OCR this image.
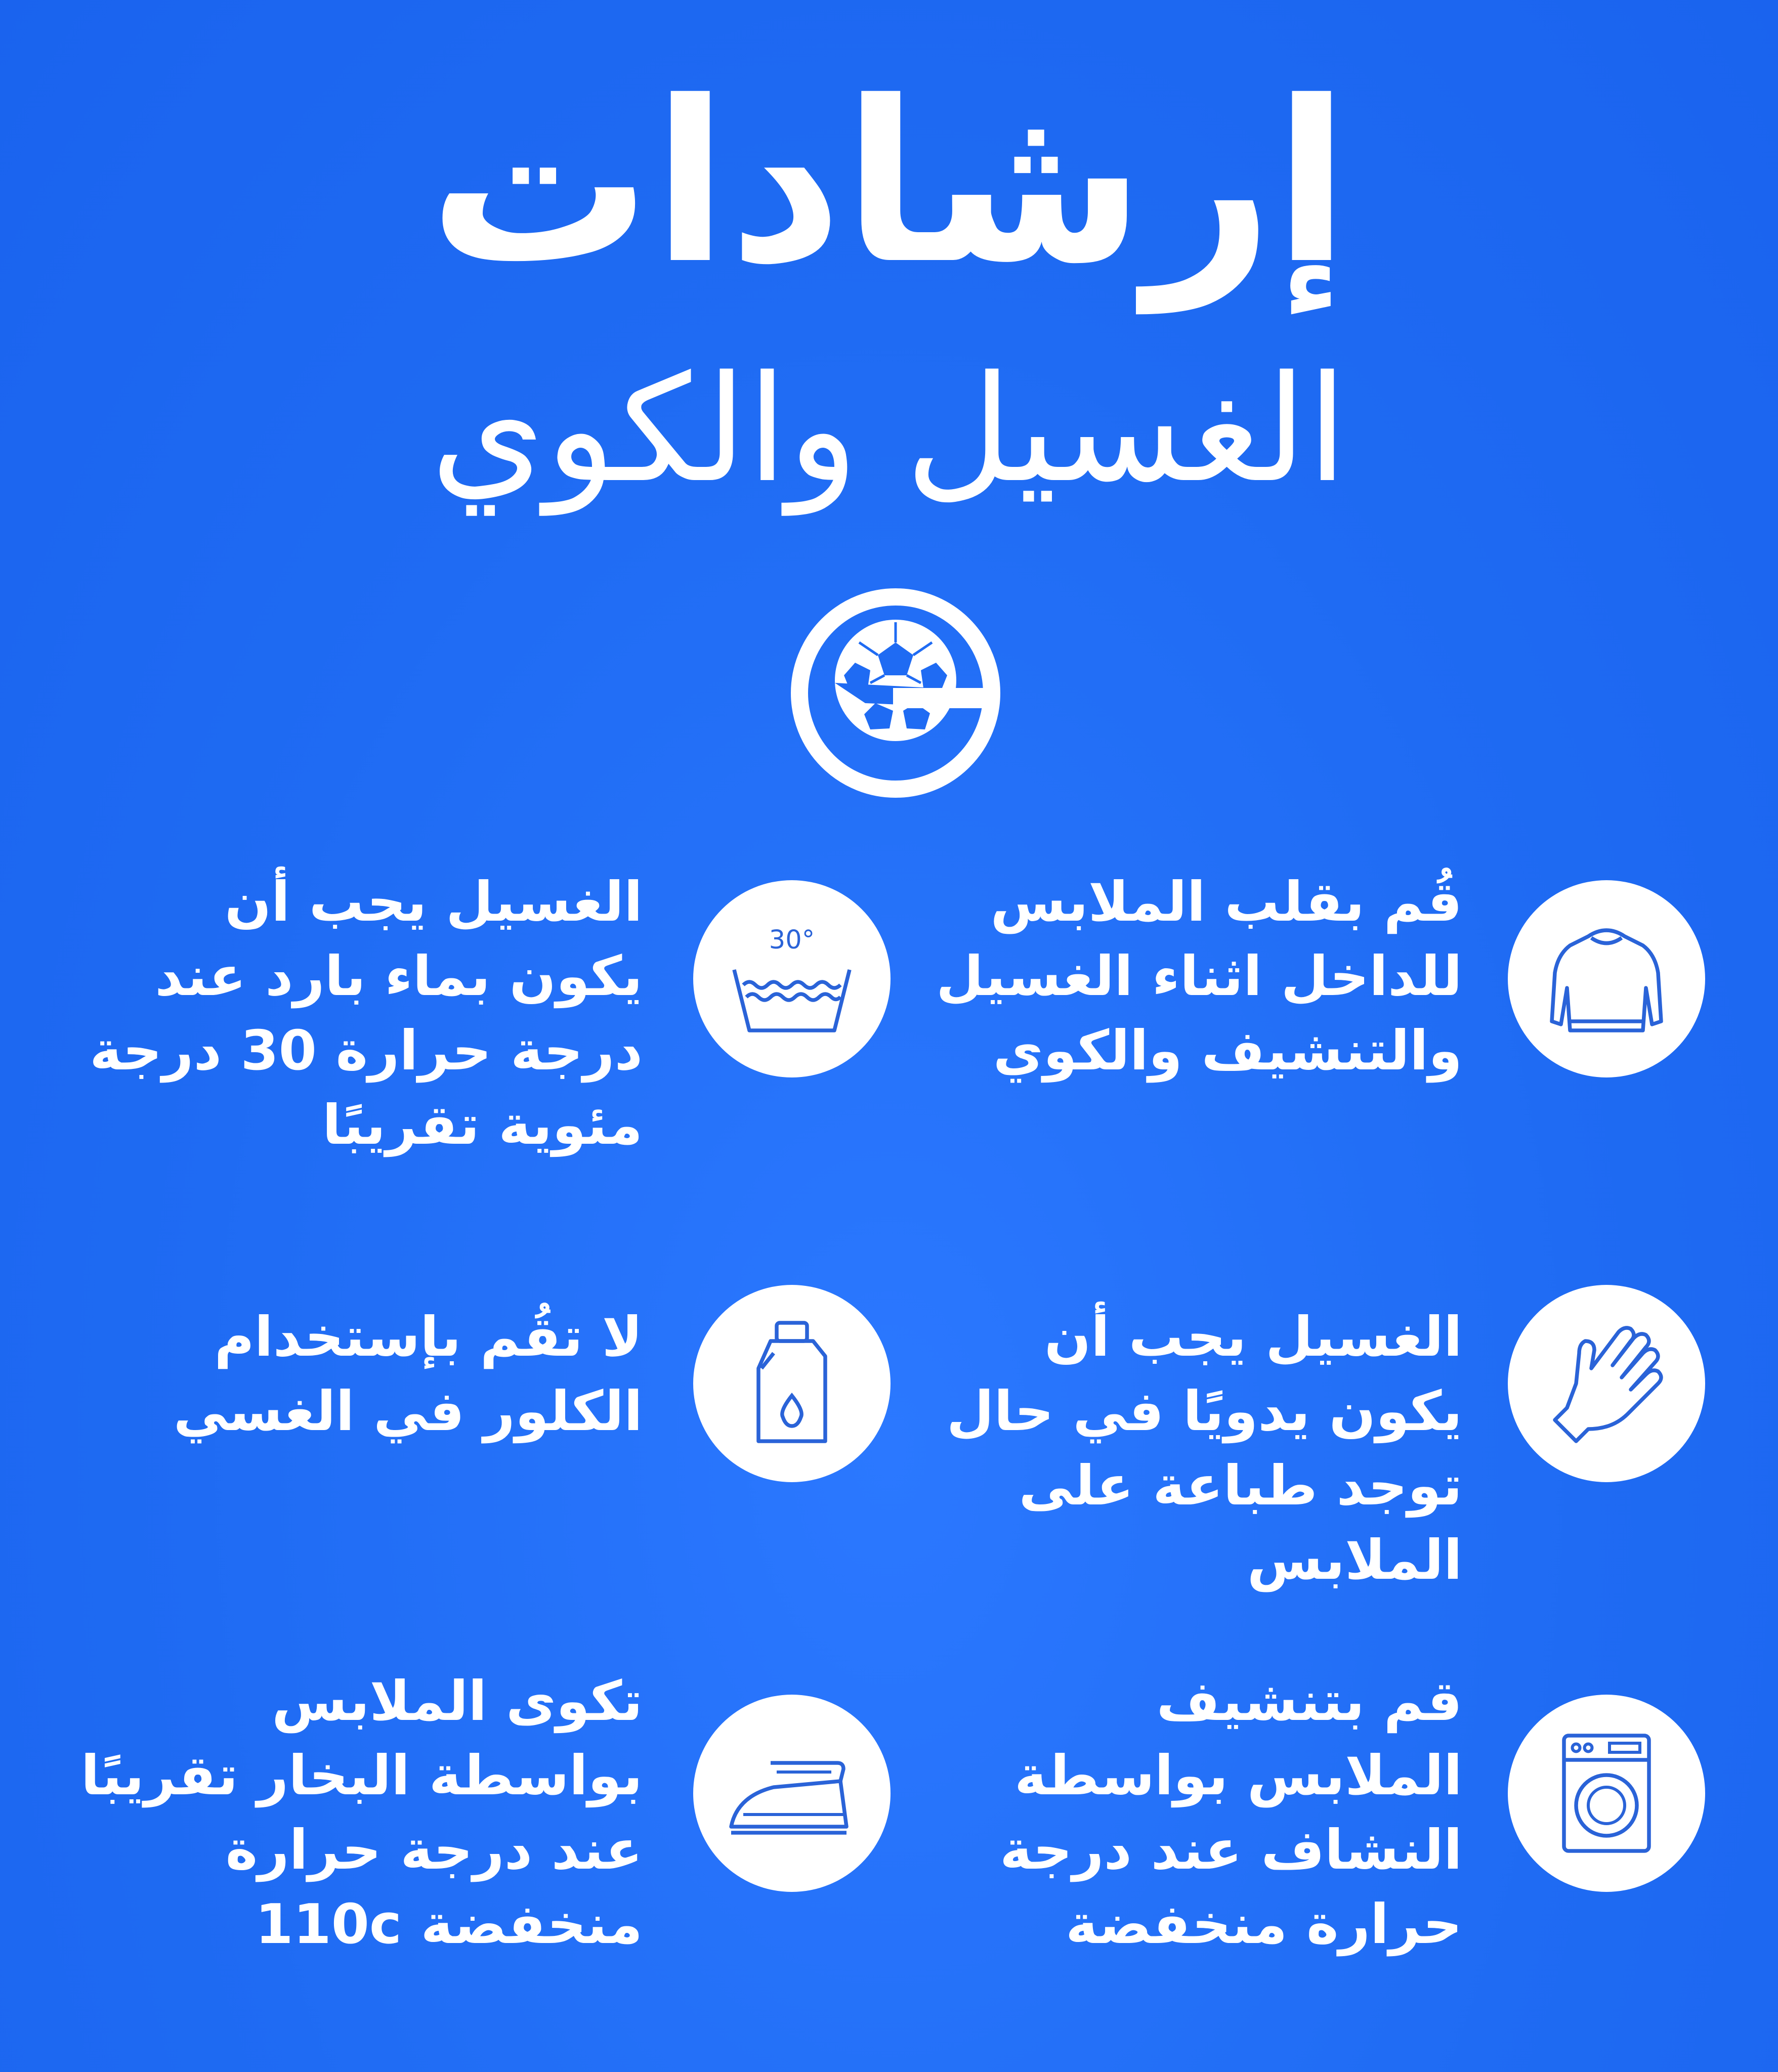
إرشادات
الغسيل والكوي
قُم بقلب الملابس
للداخل اثناء الغسيل
والتنشيف والكوي
30°
الغسيل يجب أن
يكون بماء بارد عند
درجة حرارة 30 درجة
مئوية تقريبًا
الغسيل يجب أن
يكون يدويًا في حال
توجد طباعة على
الملابس
لا تقُم بإستخدام
الكلور في الغسي
قم بتنشيف
الملابس بواسطة
النشاف عند درجة
حرارة منخفضة
تكوى الملابس
بواسطة البخار تقريبًا
عند درجة حرارة
منخفضة 110c
